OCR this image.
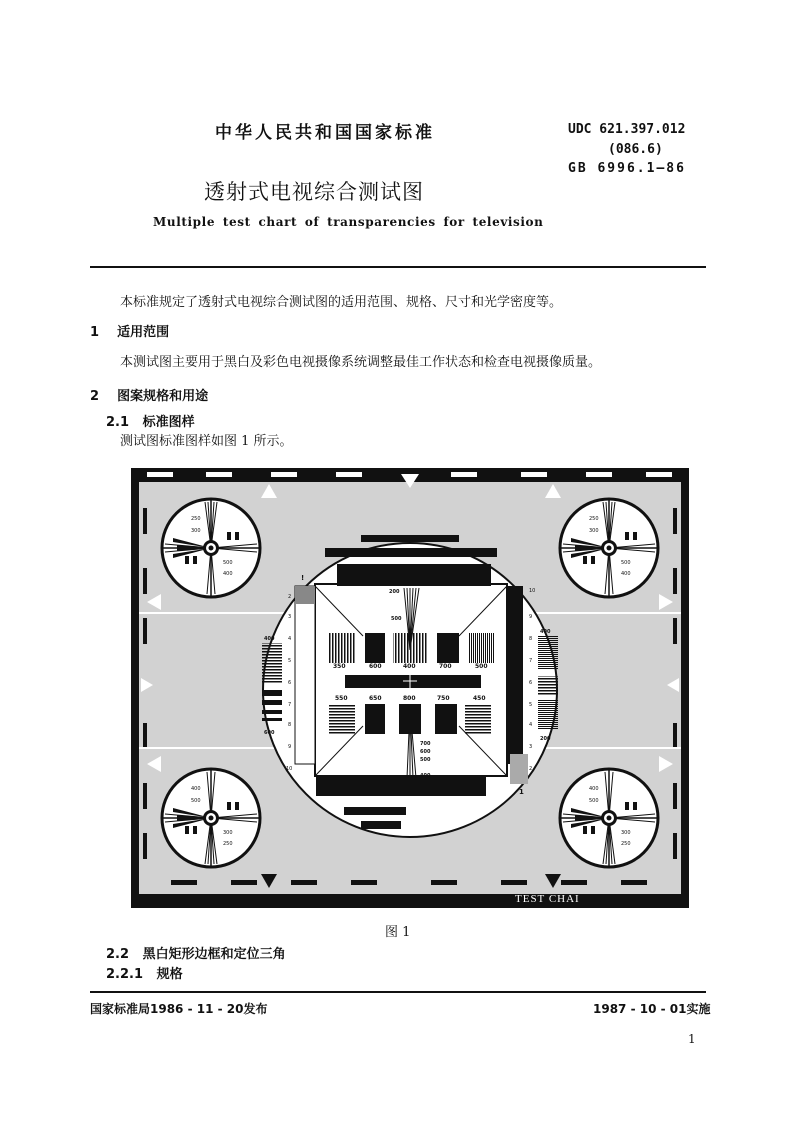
中华人民共和国国家标准	UDC 621.397.012
(086.6)
GB 6996.1—86
透射式电视综合测试图
Multiple test chart of transparencies for television
本标准规定了透射式电视综合测试图的适用范围、规格、尺寸和光学密度等。
1 适用范围
本测试图主要用于黑白及彩色电视摄像系统调整最佳工作状态和检查电视摄像质量。
2 图案规格和用途
2.1 标准图样
测试图标准图样如图 1 所示。
250
300
500
400
250
300
500
400
400
500
300
250
400
500
300
250
350	600	400	700	500
550	650	800	750	450
200
500
700
600
500
400
400
600
400
200
!
1
2
3
4
5
6
7
8
9
10
10
9
8
7
6
5
4
3
2
TEST CHAI
图 1
2.2 黑白矩形边框和定位三角
2.2.1 规格
国家标准局1986 - 11 - 20发布	1987 - 10 - 01实施
1
